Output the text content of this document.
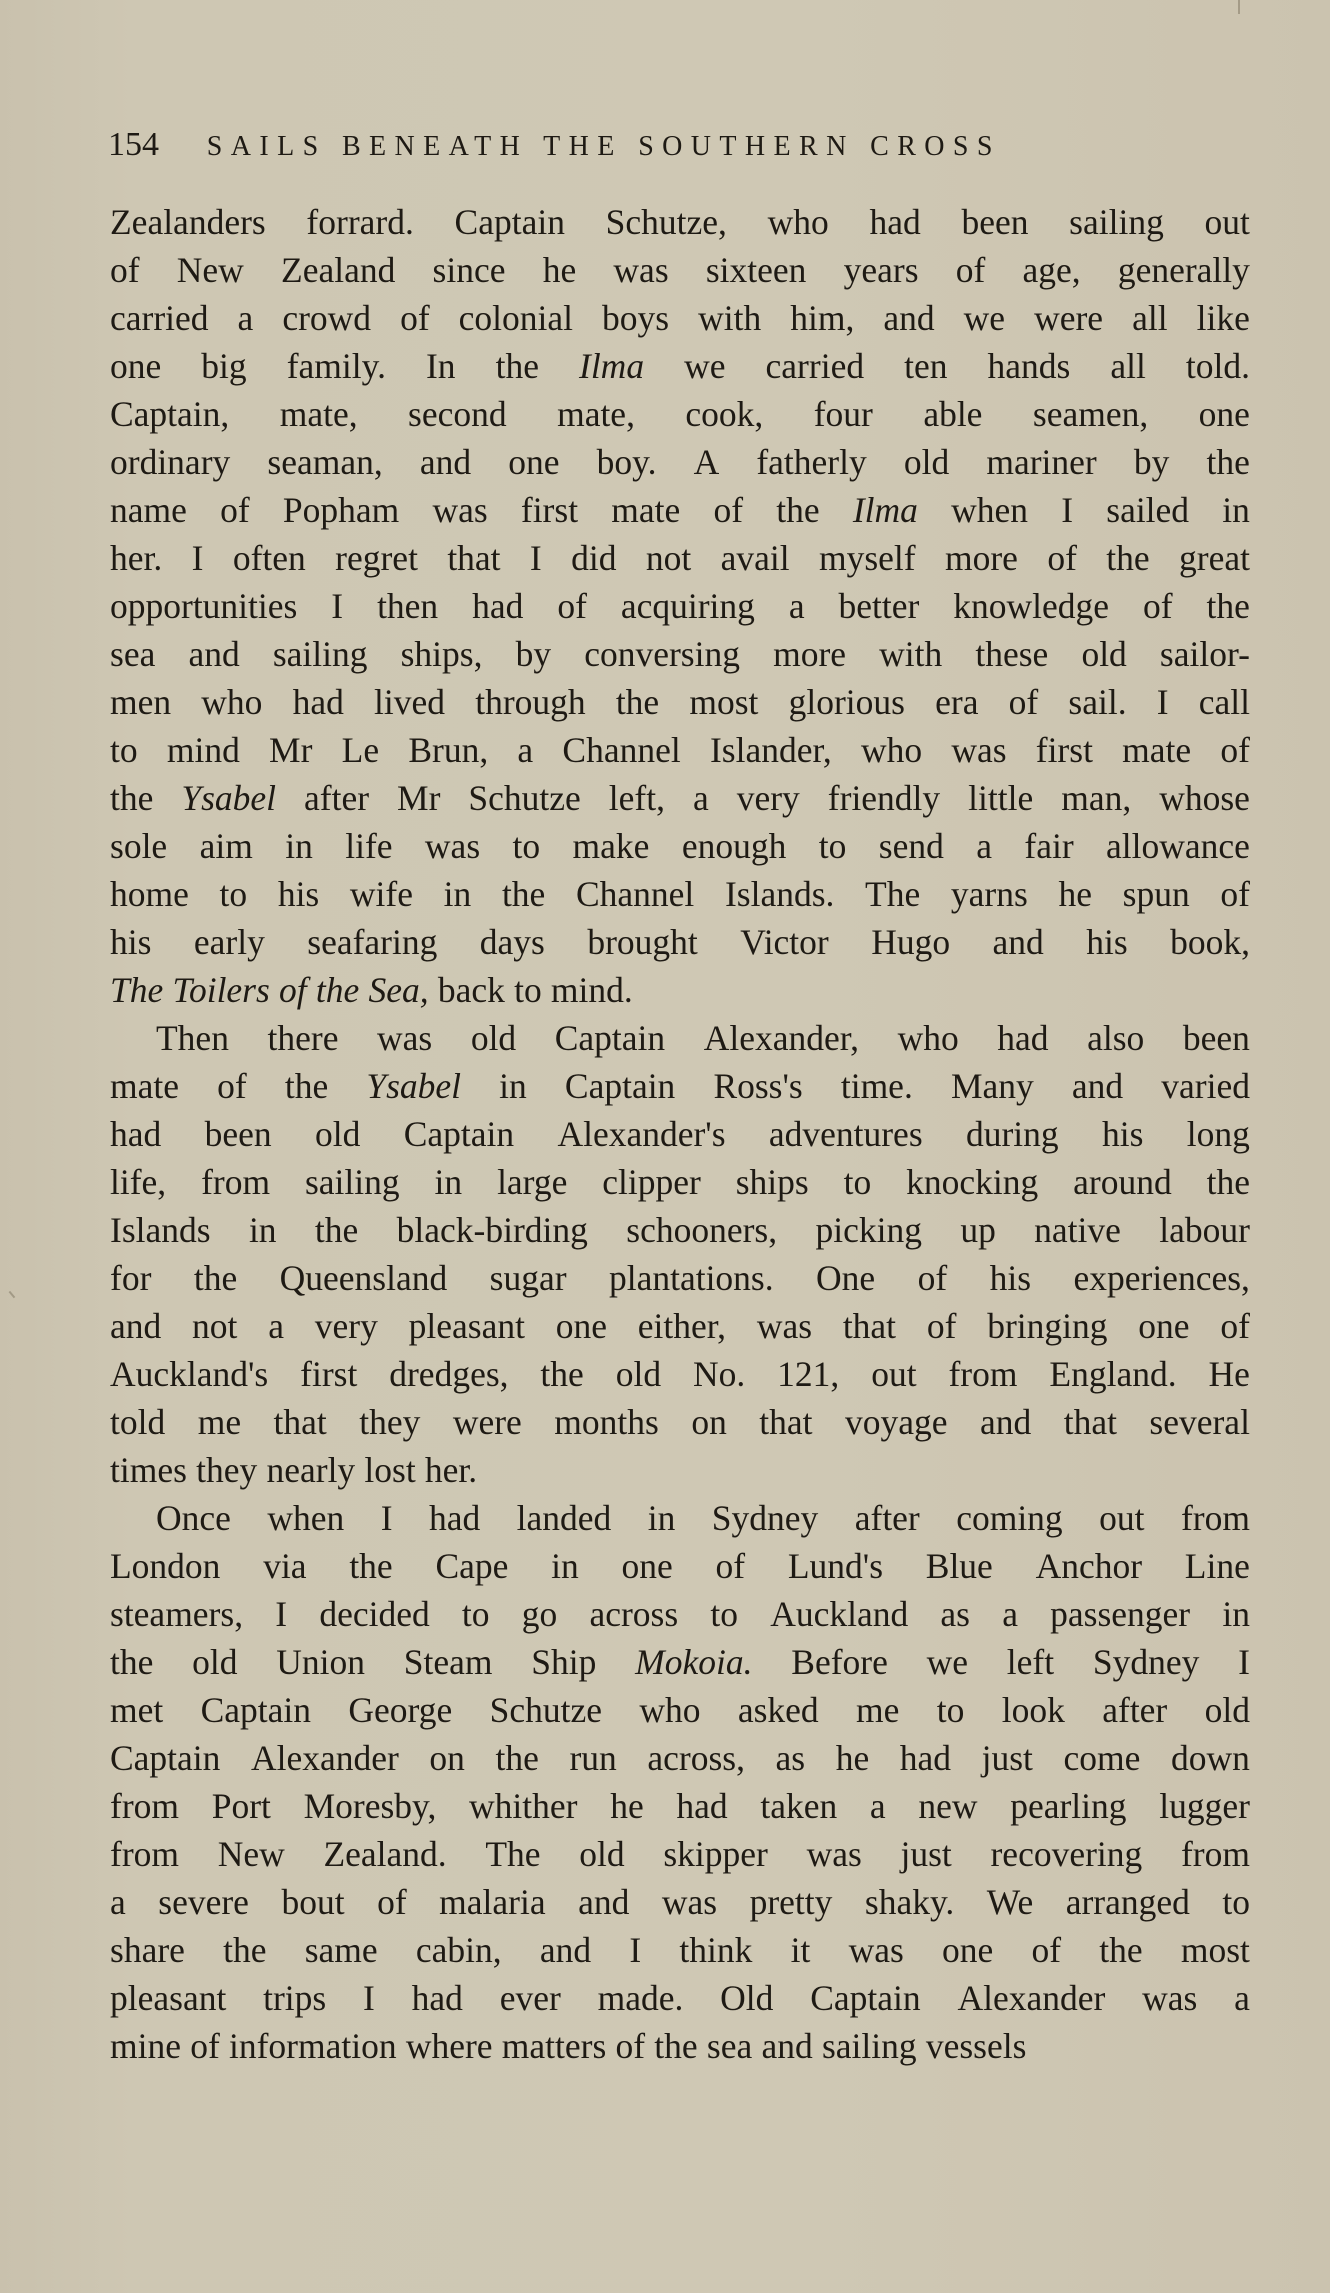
154 SAILS BENEATH THE SOUTHERN CROSS
Zealanders forrard. Captain Schutze, who had been sailing out
of New Zealand since he was sixteen years of age, generally
carried a crowd of colonial boys with him, and we were all like
one big family. In the Ilma we carried ten hands all told.
Captain, mate, second mate, cook, four able seamen, one
ordinary seaman, and one boy. A fatherly old mariner by the
name of Popham was first mate of the Ilma when I sailed in
her. I often regret that I did not avail myself more of the great
opportunities I then had of acquiring a better knowledge of the
sea and sailing ships, by conversing more with these old sailor-
men who had lived through the most glorious era of sail. I call
to mind Mr Le Brun, a Channel Islander, who was first mate of
the Ysabel after Mr Schutze left, a very friendly little man, whose
sole aim in life was to make enough to send a fair allowance
home to his wife in the Channel Islands. The yarns he spun of
his early seafaring days brought Victor Hugo and his book,
The Toilers of the Sea, back to mind.
Then there was old Captain Alexander, who had also been
mate of the Ysabel in Captain Ross's time. Many and varied
had been old Captain Alexander's adventures during his long
life, from sailing in large clipper ships to knocking around the
Islands in the black-birding schooners, picking up native labour
for the Queensland sugar plantations. One of his experiences,
and not a very pleasant one either, was that of bringing one of
Auckland's first dredges, the old No. 121, out from England. He
told me that they were months on that voyage and that several
times they nearly lost her.
Once when I had landed in Sydney after coming out from
London via the Cape in one of Lund's Blue Anchor Line
steamers, I decided to go across to Auckland as a passenger in
the old Union Steam Ship Mokoia. Before we left Sydney I
met Captain George Schutze who asked me to look after old
Captain Alexander on the run across, as he had just come down
from Port Moresby, whither he had taken a new pearling lugger
from New Zealand. The old skipper was just recovering from
a severe bout of malaria and was pretty shaky. We arranged to
share the same cabin, and I think it was one of the most
pleasant trips I had ever made. Old Captain Alexander was a
mine of information where matters of the sea and sailing vessels
